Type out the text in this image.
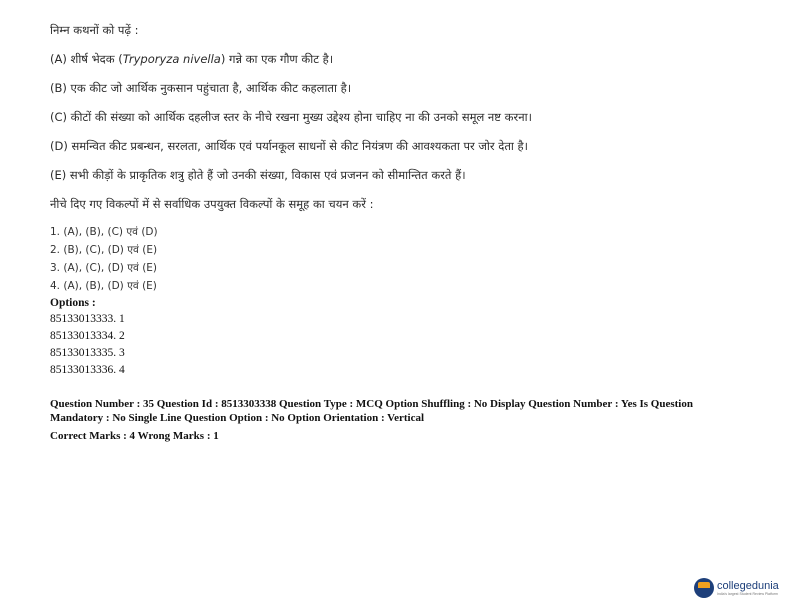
निम्न कथनों को पढ़ें :

(A) शीर्ष भेदक (Tryporyza nivella) गन्ने का एक गौण कीट है।

(B) एक कीट जो आर्थिक नुकसान पहुंचाता है, आर्थिक कीट कहलाता है।

(C) कीटों की संख्या को आर्थिक दहलीज स्तर के नीचे रखना मुख्य उद्देश्य होना चाहिए ना की उनको समूल नष्ट करना।

(D) समन्वित कीट प्रबन्धन, सरलता, आर्थिक एवं पर्यानकूल साधनों से कीट नियंत्रण की आवश्यकता पर जोर देता है।

(E) सभी कीड़ों के प्राकृतिक शत्रु होते हैं जो उनकी संख्या, विकास एवं प्रजनन को सीमान्तित करते हैं।

नीचे दिए गए विकल्पों में से सर्वाधिक उपयुक्त विकल्पों के समूह का चयन करें :

1. (A), (B), (C) एवं (D)
2. (B), (C), (D) एवं (E)
3. (A), (C), (D) एवं (E)
4. (A), (B), (D) एवं (E)
Options :
85133013333. 1
85133013334. 2
85133013335. 3
85133013336. 4
Question Number : 35 Question Id : 8513303338 Question Type : MCQ Option Shuffling : No Display Question Number : Yes Is Question Mandatory : No Single Line Question Option : No Option Orientation : Vertical
Correct Marks : 4 Wrong Marks : 1
collegedunia
India's largest Student Review Platform
